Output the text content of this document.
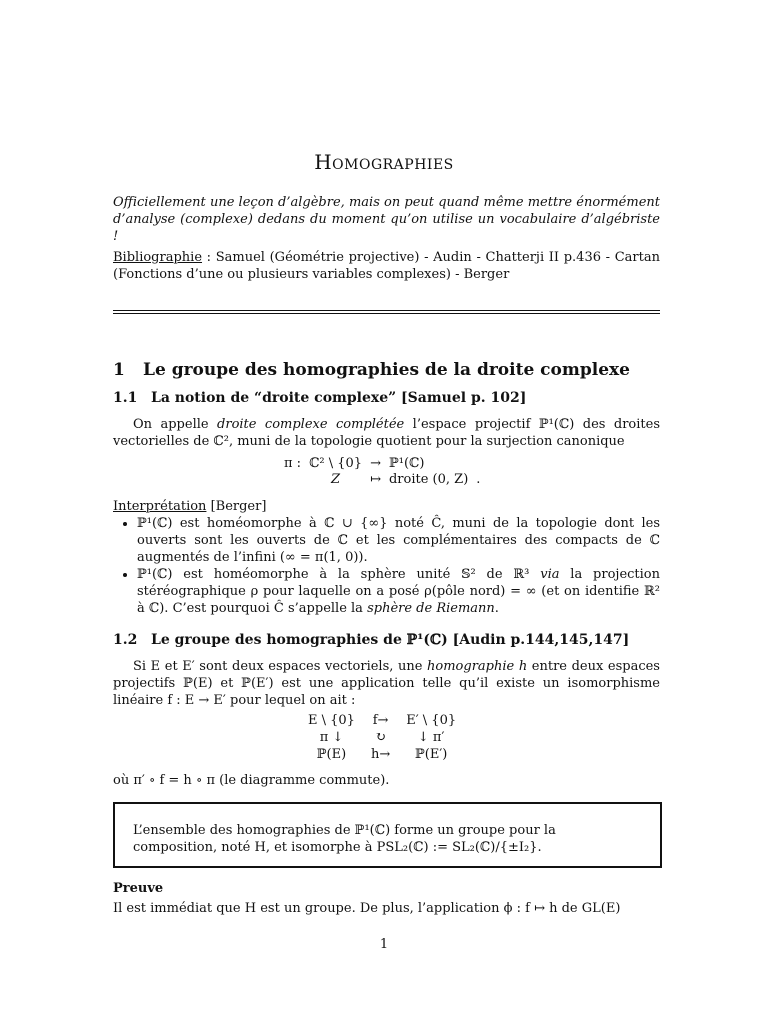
Homographies
Officiellement une leçon d’algèbre, mais on peut quand même mettre énormément d’analyse (complexe) dedans du moment qu’on utilise un vocabulaire d’algébriste !
Bibliographie : Samuel (Géométrie projective) - Audin - Chatterji II p.436 - Cartan (Fonctions d’une ou plusieurs variables complexes) - Berger
1 Le groupe des homographies de la droite complexe
1.1 La notion de “droite complexe” [Samuel p. 102]
On appelle droite complexe complétée l’espace projectif ℙ¹(ℂ) des droites vectorielles de ℂ², muni de la topologie quotient pour la surjection canonique
π :	ℂ² \ {0}	→	ℙ¹(ℂ)	
	Z	↦	droite (0, Z)	.
Interprétation [Berger]
• ℙ¹(ℂ) est homéomorphe à ℂ ∪ {∞} noté Ĉ, muni de la topologie dont les ouverts sont les ouverts de ℂ et les complémentaires des compacts de ℂ augmentés de l’infini (∞ = π(1, 0)).
• ℙ¹(ℂ) est homéomorphe à la sphère unité 𝕊² de ℝ³ via la projection stéréographique ρ pour laquelle on a posé ρ(pôle nord) = ∞ (et on identifie ℝ² à ℂ). C’est pourquoi Ĉ s’appelle la sphère de Riemann.
1.2 Le groupe des homographies de ℙ¹(ℂ) [Audin p.144,145,147]
Si E et E′ sont deux espaces vectoriels, une homographie h entre deux espaces projectifs ℙ(E) et ℙ(E′) est une application telle qu’il existe un isomorphisme linéaire f : E → E′ pour lequel on ait :
E \ {0}	f→	E′ \ {0}
π ↓	↻	↓ π′
ℙ(E)	h→	ℙ(E′)
où π′ ∘ f = h ∘ π (le diagramme commute).
L’ensemble des homographies de ℙ¹(ℂ) forme un groupe pour la composition, noté H, et isomorphe à PSL₂(ℂ) := SL₂(ℂ)/{±I₂}.
Preuve
Il est immédiat que H est un groupe. De plus, l’application ϕ : f ↦ h de GL(E)
1
